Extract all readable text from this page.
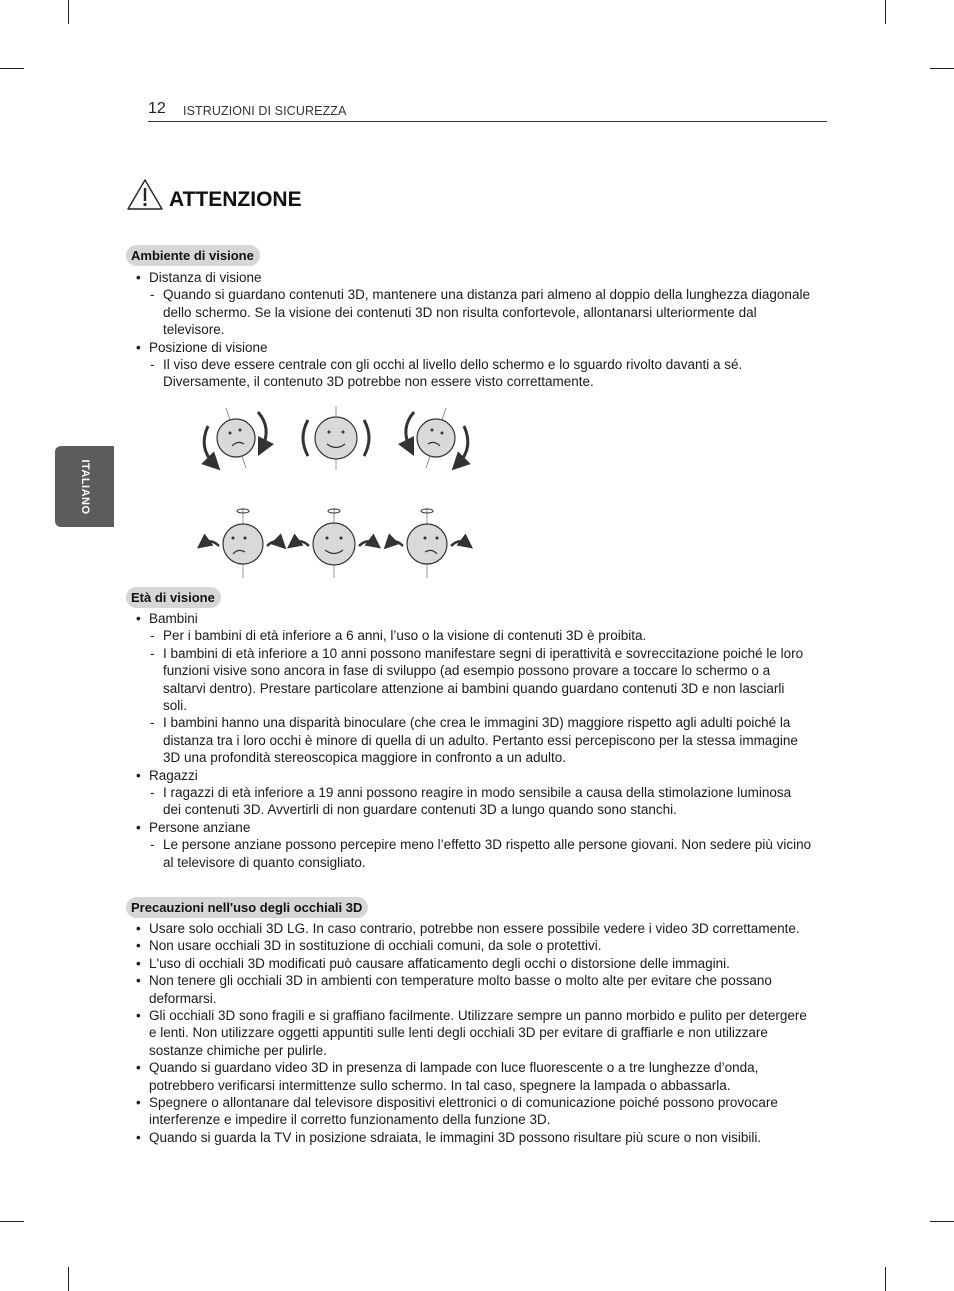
12 ISTRUZIONI DI SICUREZZA
ITALIANO
ATTENZIONE
Ambiente di visione
• Distanza di visione
- Quando si guardano contenuti 3D, mantenere una distanza pari almeno al doppio della lunghezza diagonale dello schermo. Se la visione dei contenuti 3D non risulta confortevole, allontanarsi ulteriormente dal televisore.
• Posizione di visione
- Il viso deve essere centrale con gli occhi al livello dello schermo e lo sguardo rivolto davanti a sé. Diversamente, il contenuto 3D potrebbe non essere visto correttamente.
Età di visione
• Bambini
- Per i bambini di età inferiore a 6 anni, l’uso o la visione di contenuti 3D è proibita.
- I bambini di età inferiore a 10 anni possono manifestare segni di iperattività e sovreccitazione poiché le loro funzioni visive sono ancora in fase di sviluppo (ad esempio possono provare a toccare lo schermo o a saltarvi dentro). Prestare particolare attenzione ai bambini quando guardano contenuti 3D e non lasciarli soli.
- I bambini hanno una disparità binoculare (che crea le immagini 3D) maggiore rispetto agli adulti poiché la distanza tra i loro occhi è minore di quella di un adulto. Pertanto essi percepiscono per la stessa immagine 3D una profondità stereoscopica maggiore in confronto a un adulto.
• Ragazzi
- I ragazzi di età inferiore a 19 anni possono reagire in modo sensibile a causa della stimolazione luminosa dei contenuti 3D. Avvertirli di non guardare contenuti 3D a lungo quando sono stanchi.
• Persone anziane
- Le persone anziane possono percepire meno l’effetto 3D rispetto alle persone giovani. Non sedere più vicino al televisore di quanto consigliato.
Precauzioni nell'uso degli occhiali 3D
• Usare solo occhiali 3D LG. In caso contrario, potrebbe non essere possibile vedere i video 3D correttamente.
• Non usare occhiali 3D in sostituzione di occhiali comuni, da sole o protettivi.
• L'uso di occhiali 3D modificati può causare affaticamento degli occhi o distorsione delle immagini.
• Non tenere gli occhiali 3D in ambienti con temperature molto basse o molto alte per evitare che possano deformarsi.
• Gli occhiali 3D sono fragili e si graffiano facilmente. Utilizzare sempre un panno morbido e pulito per detergere e lenti. Non utilizzare oggetti appuntiti sulle lenti degli occhiali 3D per evitare di graffiarle e non utilizzare sostanze chimiche per pulirle.
• Quando si guardano video 3D in presenza di lampade con luce fluorescente o a tre lunghezze d’onda, potrebbero verificarsi intermittenze sullo schermo. In tal caso, spegnere la lampada o abbassarla.
• Spegnere o allontanare dal televisore dispositivi elettronici o di comunicazione poiché possono provocare interferenze e impedire il corretto funzionamento della funzione 3D.
• Quando si guarda la TV in posizione sdraiata, le immagini 3D possono risultare più scure o non visibili.
